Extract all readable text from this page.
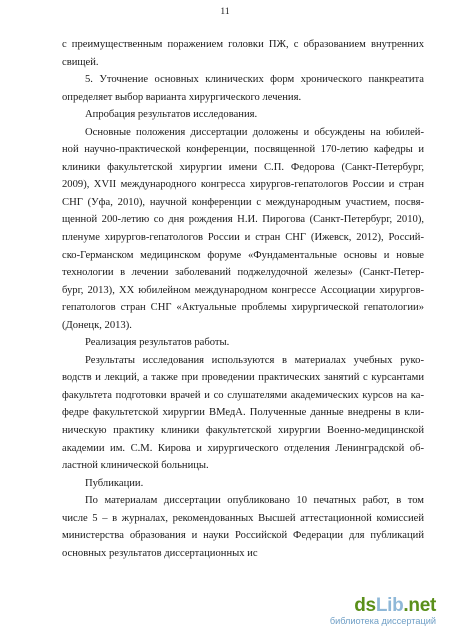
11
с преимущественным поражением головки ПЖ, с образованием внутренних
свищей.
5. Уточнение основных клинических форм хронического панкреатита
определяет выбор варианта хирургического лечения.
Апробация результатов исследования.
Основные положения диссертации доложены и обсуждены на юбилей-
ной научно-практической конференции, посвященной 170-летию кафедры и
клиники факультетской хирургии имени С.П. Федорова (Санкт-Петербург,
2009), XVII международного конгресса хирургов-гепатологов России и стран
СНГ (Уфа, 2010), научной конференции с международным участием, посвя-
щенной 200-летию со дня рождения Н.И. Пирогова (Санкт-Петербург, 2010),
пленуме хирургов-гепатологов России и стран СНГ (Ижевск, 2012), Россий-
ско-Германском медицинском форуме «Фундаментальные основы и новые
технологии в лечении заболеваний поджелудочной железы» (Санкт-Петер-
бург, 2013), ХХ юбилейном международном конгрессе Ассоциации хирургов-
гепатологов стран СНГ «Актуальные проблемы хирургической гепатологии»
(Донецк, 2013).
Реализация результатов работы.
Результаты исследования используются в материалах учебных руко-
водств и лекций, а также при проведении практических занятий с курсантами
факультета подготовки врачей и со слушателями академических курсов на ка-
федре факультетской хирургии ВМедА. Полученные данные внедрены в кли-
ническую практику клиники факультетской хирургии Военно-медицинской
академии им. С.М. Кирова и хирургического отделения Ленинградской об-
ластной клинической больницы.
Публикации.
По материалам диссертации опубликовано 10 печатных работ, в том
числе 5 – в журналах, рекомендованных Высшей аттестационной комиссией
министерства образования и науки Российской Федерации для публикаций
основных результатов диссертационных ис
ds Lib . net
библиотека диссертаций
